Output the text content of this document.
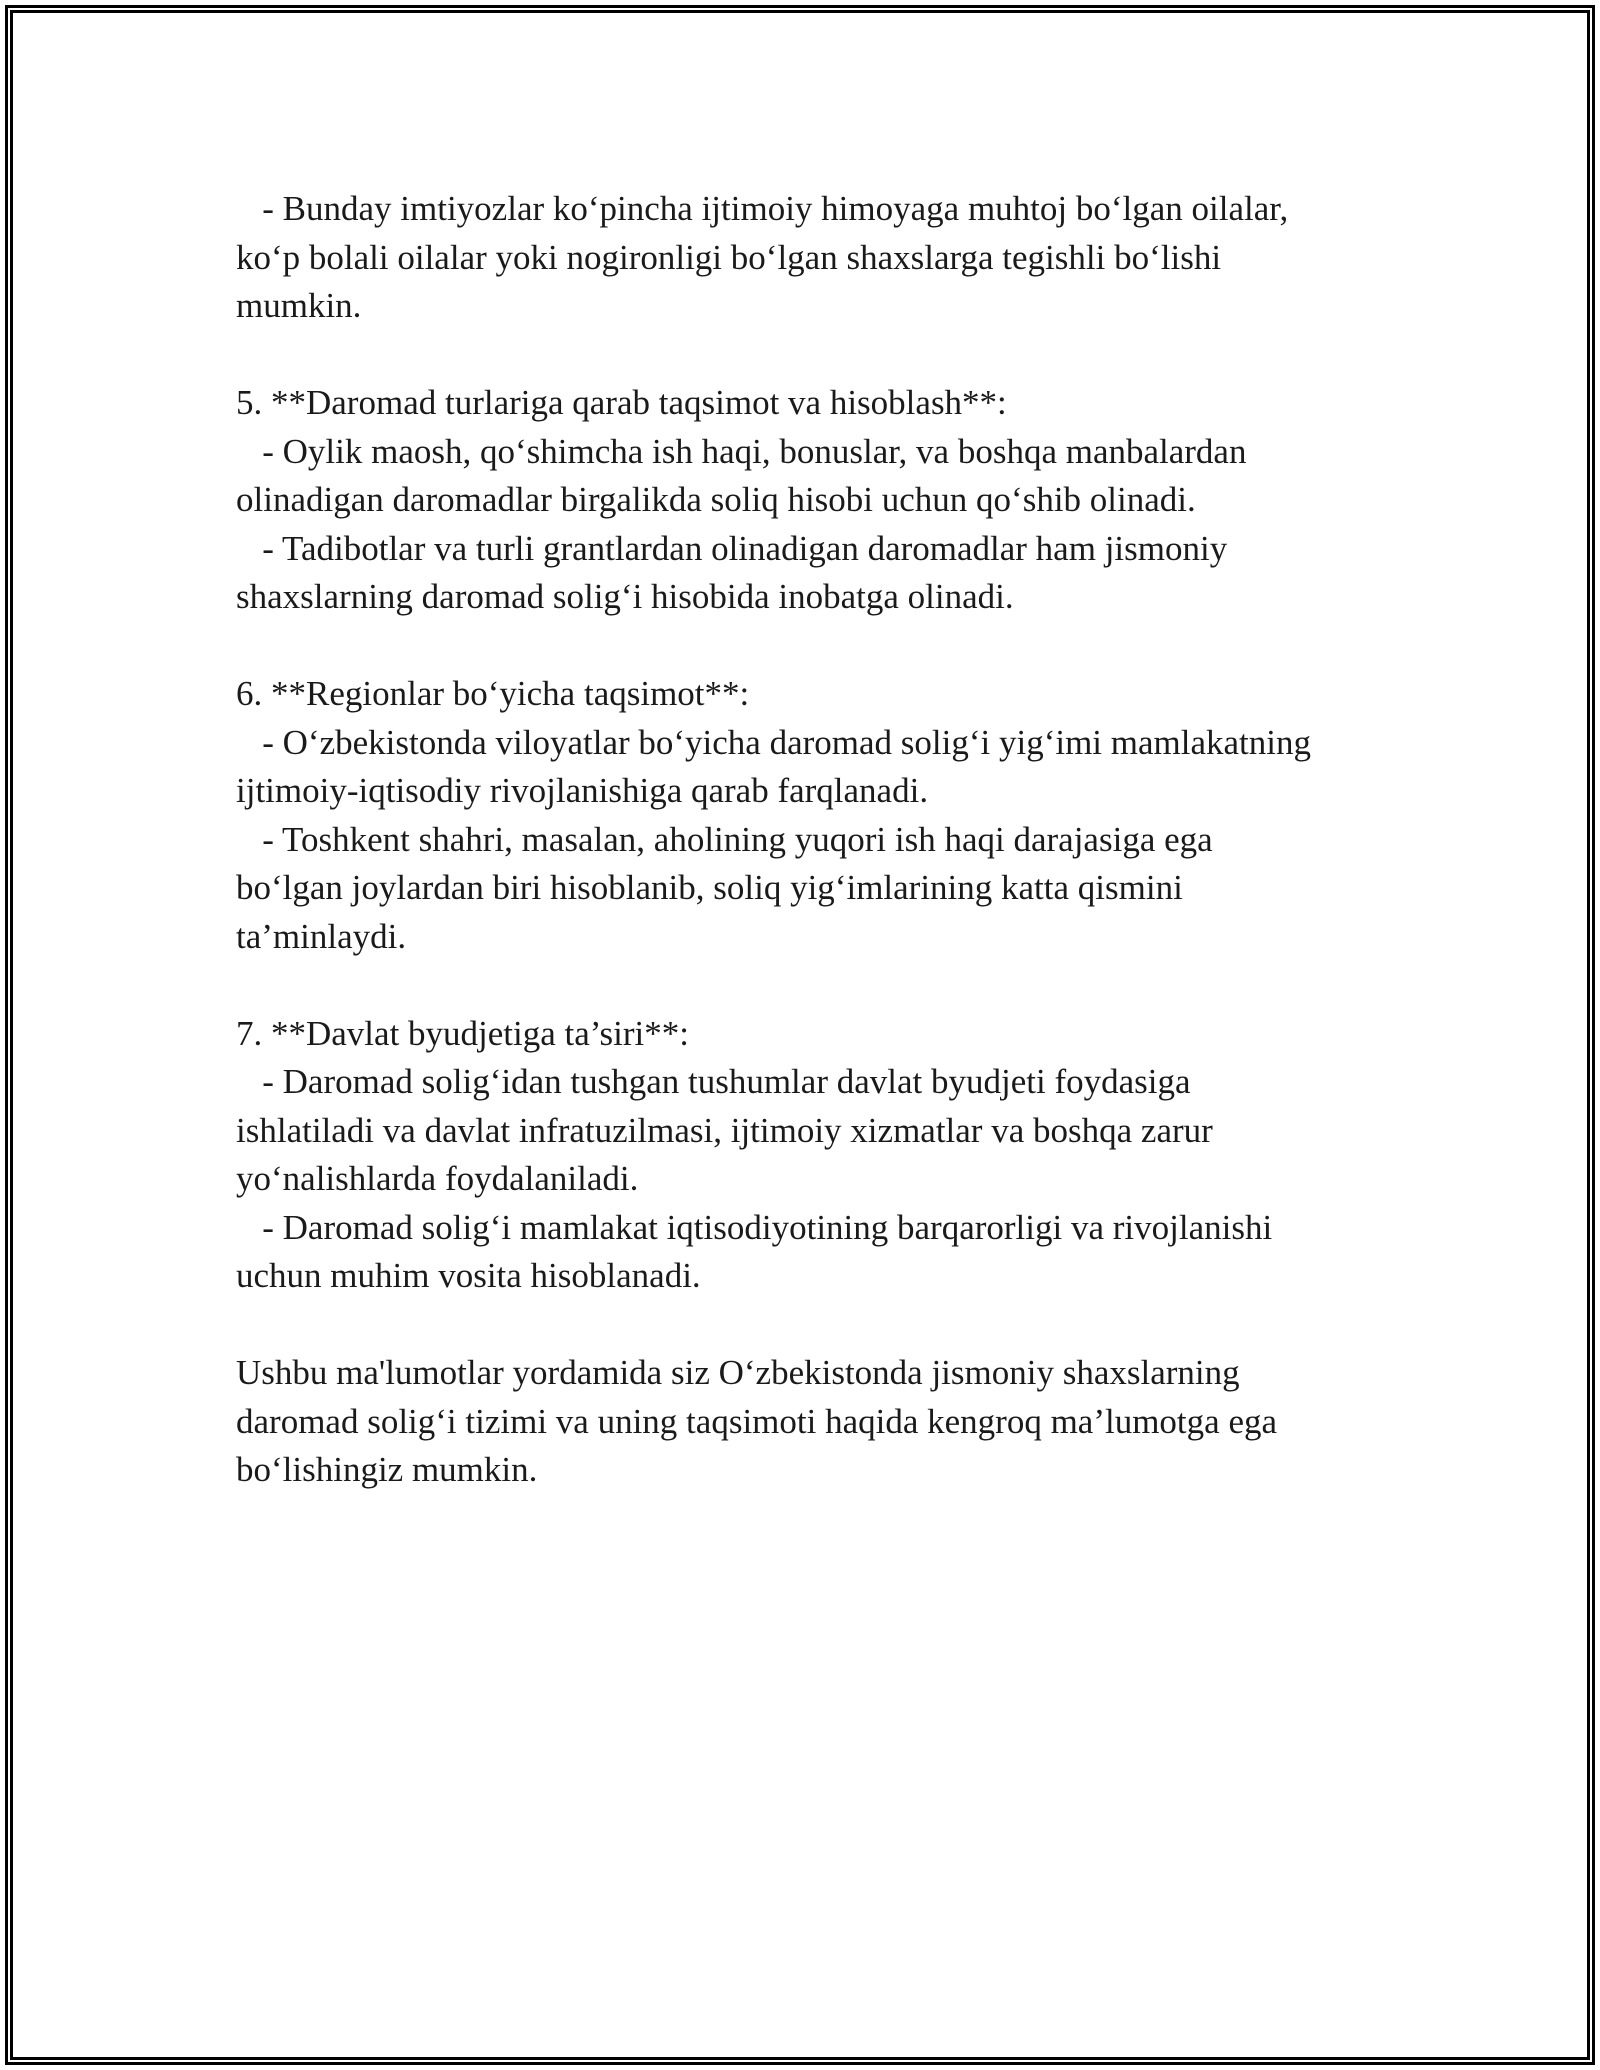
- Bunday imtiyozlar ko‘pincha ijtimoiy himoyaga muhtoj bo‘lgan oilalar,
ko‘p bolali oilalar yoki nogironligi bo‘lgan shaxslarga tegishli bo‘lishi
mumkin.
5. **Daromad turlariga qarab taqsimot va hisoblash**:
- Oylik maosh, qo‘shimcha ish haqi, bonuslar, va boshqa manbalardan
olinadigan daromadlar birgalikda soliq hisobi uchun qo‘shib olinadi.
- Tadibotlar va turli grantlardan olinadigan daromadlar ham jismoniy
shaxslarning daromad solig‘i hisobida inobatga olinadi.
6. **Regionlar bo‘yicha taqsimot**:
- O‘zbekistonda viloyatlar bo‘yicha daromad solig‘i yig‘imi mamlakatning
ijtimoiy-iqtisodiy rivojlanishiga qarab farqlanadi.
- Toshkent shahri, masalan, aholining yuqori ish haqi darajasiga ega
bo‘lgan joylardan biri hisoblanib, soliq yig‘imlarining katta qismini
ta’minlaydi.
7. **Davlat byudjetiga ta’siri**:
- Daromad solig‘idan tushgan tushumlar davlat byudjeti foydasiga
ishlatiladi va davlat infratuzilmasi, ijtimoiy xizmatlar va boshqa zarur
yo‘nalishlarda foydalaniladi.
- Daromad solig‘i mamlakat iqtisodiyotining barqarorligi va rivojlanishi
uchun muhim vosita hisoblanadi.
Ushbu ma'lumotlar yordamida siz O‘zbekistonda jismoniy shaxslarning
daromad solig‘i tizimi va uning taqsimoti haqida kengroq ma’lumotga ega
bo‘lishingiz mumkin.
